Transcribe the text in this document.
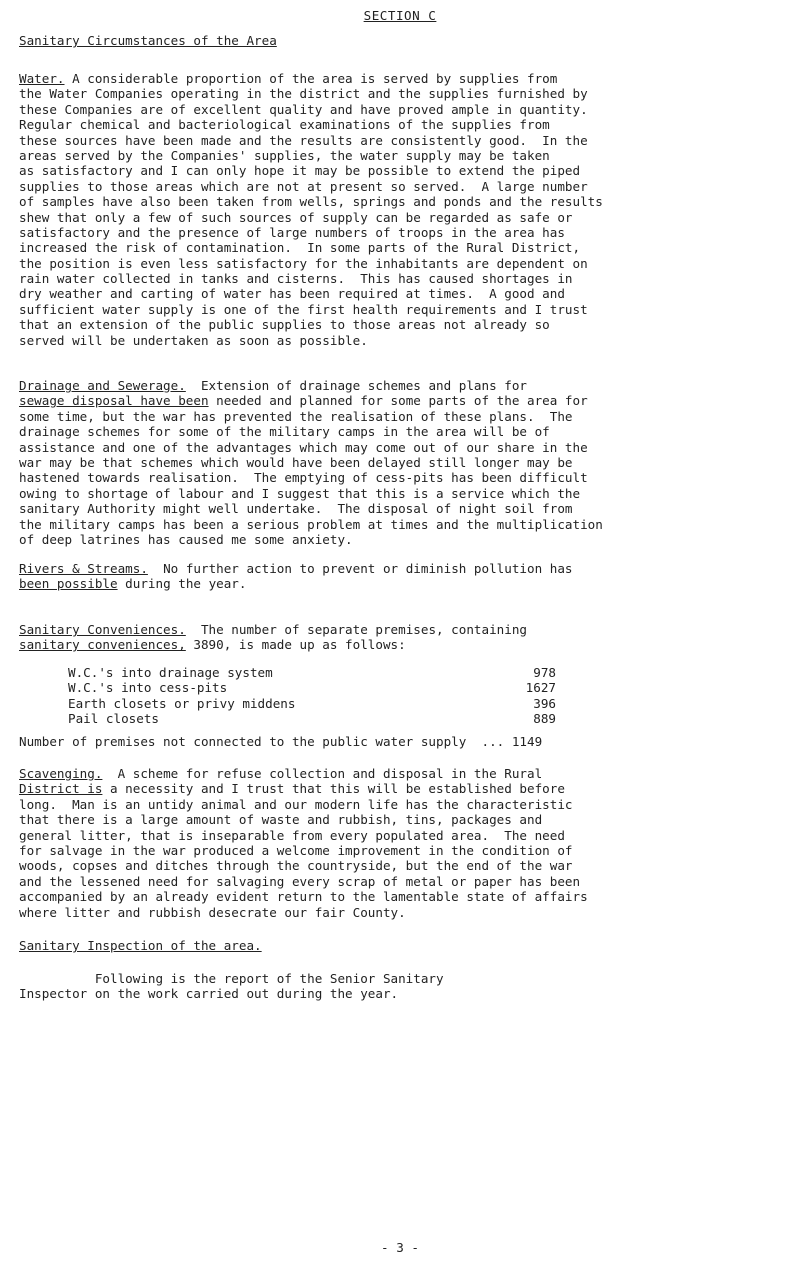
SECTION C
Sanitary Circumstances of the Area
Water. A considerable proportion of the area is served by supplies from
the Water Companies operating in the district and the supplies furnished by
these Companies are of excellent quality and have proved ample in quantity.
Regular chemical and bacteriological examinations of the supplies from
these sources have been made and the results are consistently good.  In the
areas served by the Companies' supplies, the water supply may be taken
as satisfactory and I can only hope it may be possible to extend the piped
supplies to those areas which are not at present so served.  A large number
of samples have also been taken from wells, springs and ponds and the results
shew that only a few of such sources of supply can be regarded as safe or
satisfactory and the presence of large numbers of troops in the area has
increased the risk of contamination.  In some parts of the Rural District,
the position is even less satisfactory for the inhabitants are dependent on
rain water collected in tanks and cisterns.  This has caused shortages in
dry weather and carting of water has been required at times.  A good and
sufficient water supply is one of the first health requirements and I trust
that an extension of the public supplies to those areas not already so
served will be undertaken as soon as possible.
Drainage and Sewerage.  Extension of drainage schemes and plans for
sewage disposal have been needed and planned for some parts of the area for
some time, but the war has prevented the realisation of these plans.  The
drainage schemes for some of the military camps in the area will be of
assistance and one of the advantages which may come out of our share in the
war may be that schemes which would have been delayed still longer may be
hastened towards realisation.  The emptying of cess-pits has been difficult
owing to shortage of labour and I suggest that this is a service which the
sanitary Authority might well undertake.  The disposal of night soil from
the military camps has been a serious problem at times and the multiplication
of deep latrines has caused me some anxiety.
Rivers & Streams.  No further action to prevent or diminish pollution has
been possible during the year.
Sanitary Conveniences.  The number of separate premises, containing
sanitary conveniences, 3890, is made up as follows:
W.C.'s into drainage system	978
W.C.'s into cess-pits	1627
Earth closets or privy middens	396
Pail closets	889
Number of premises not connected to the public water supply ... 1149
Scavenging.  A scheme for refuse collection and disposal in the Rural
District is a necessity and I trust that this will be established before
long.  Man is an untidy animal and our modern life has the characteristic
that there is a large amount of waste and rubbish, tins, packages and
general litter, that is inseparable from every populated area.  The need
for salvage in the war produced a welcome improvement in the condition of
woods, copses and ditches through the countryside, but the end of the war
and the lessened need for salvaging every scrap of metal or paper has been
accompanied by an already evident return to the lamentable state of affairs
where litter and rubbish desecrate our fair County.
Sanitary Inspection of the area.
Following is the report of the Senior Sanitary
Inspector on the work carried out during the year.
- 3 -
